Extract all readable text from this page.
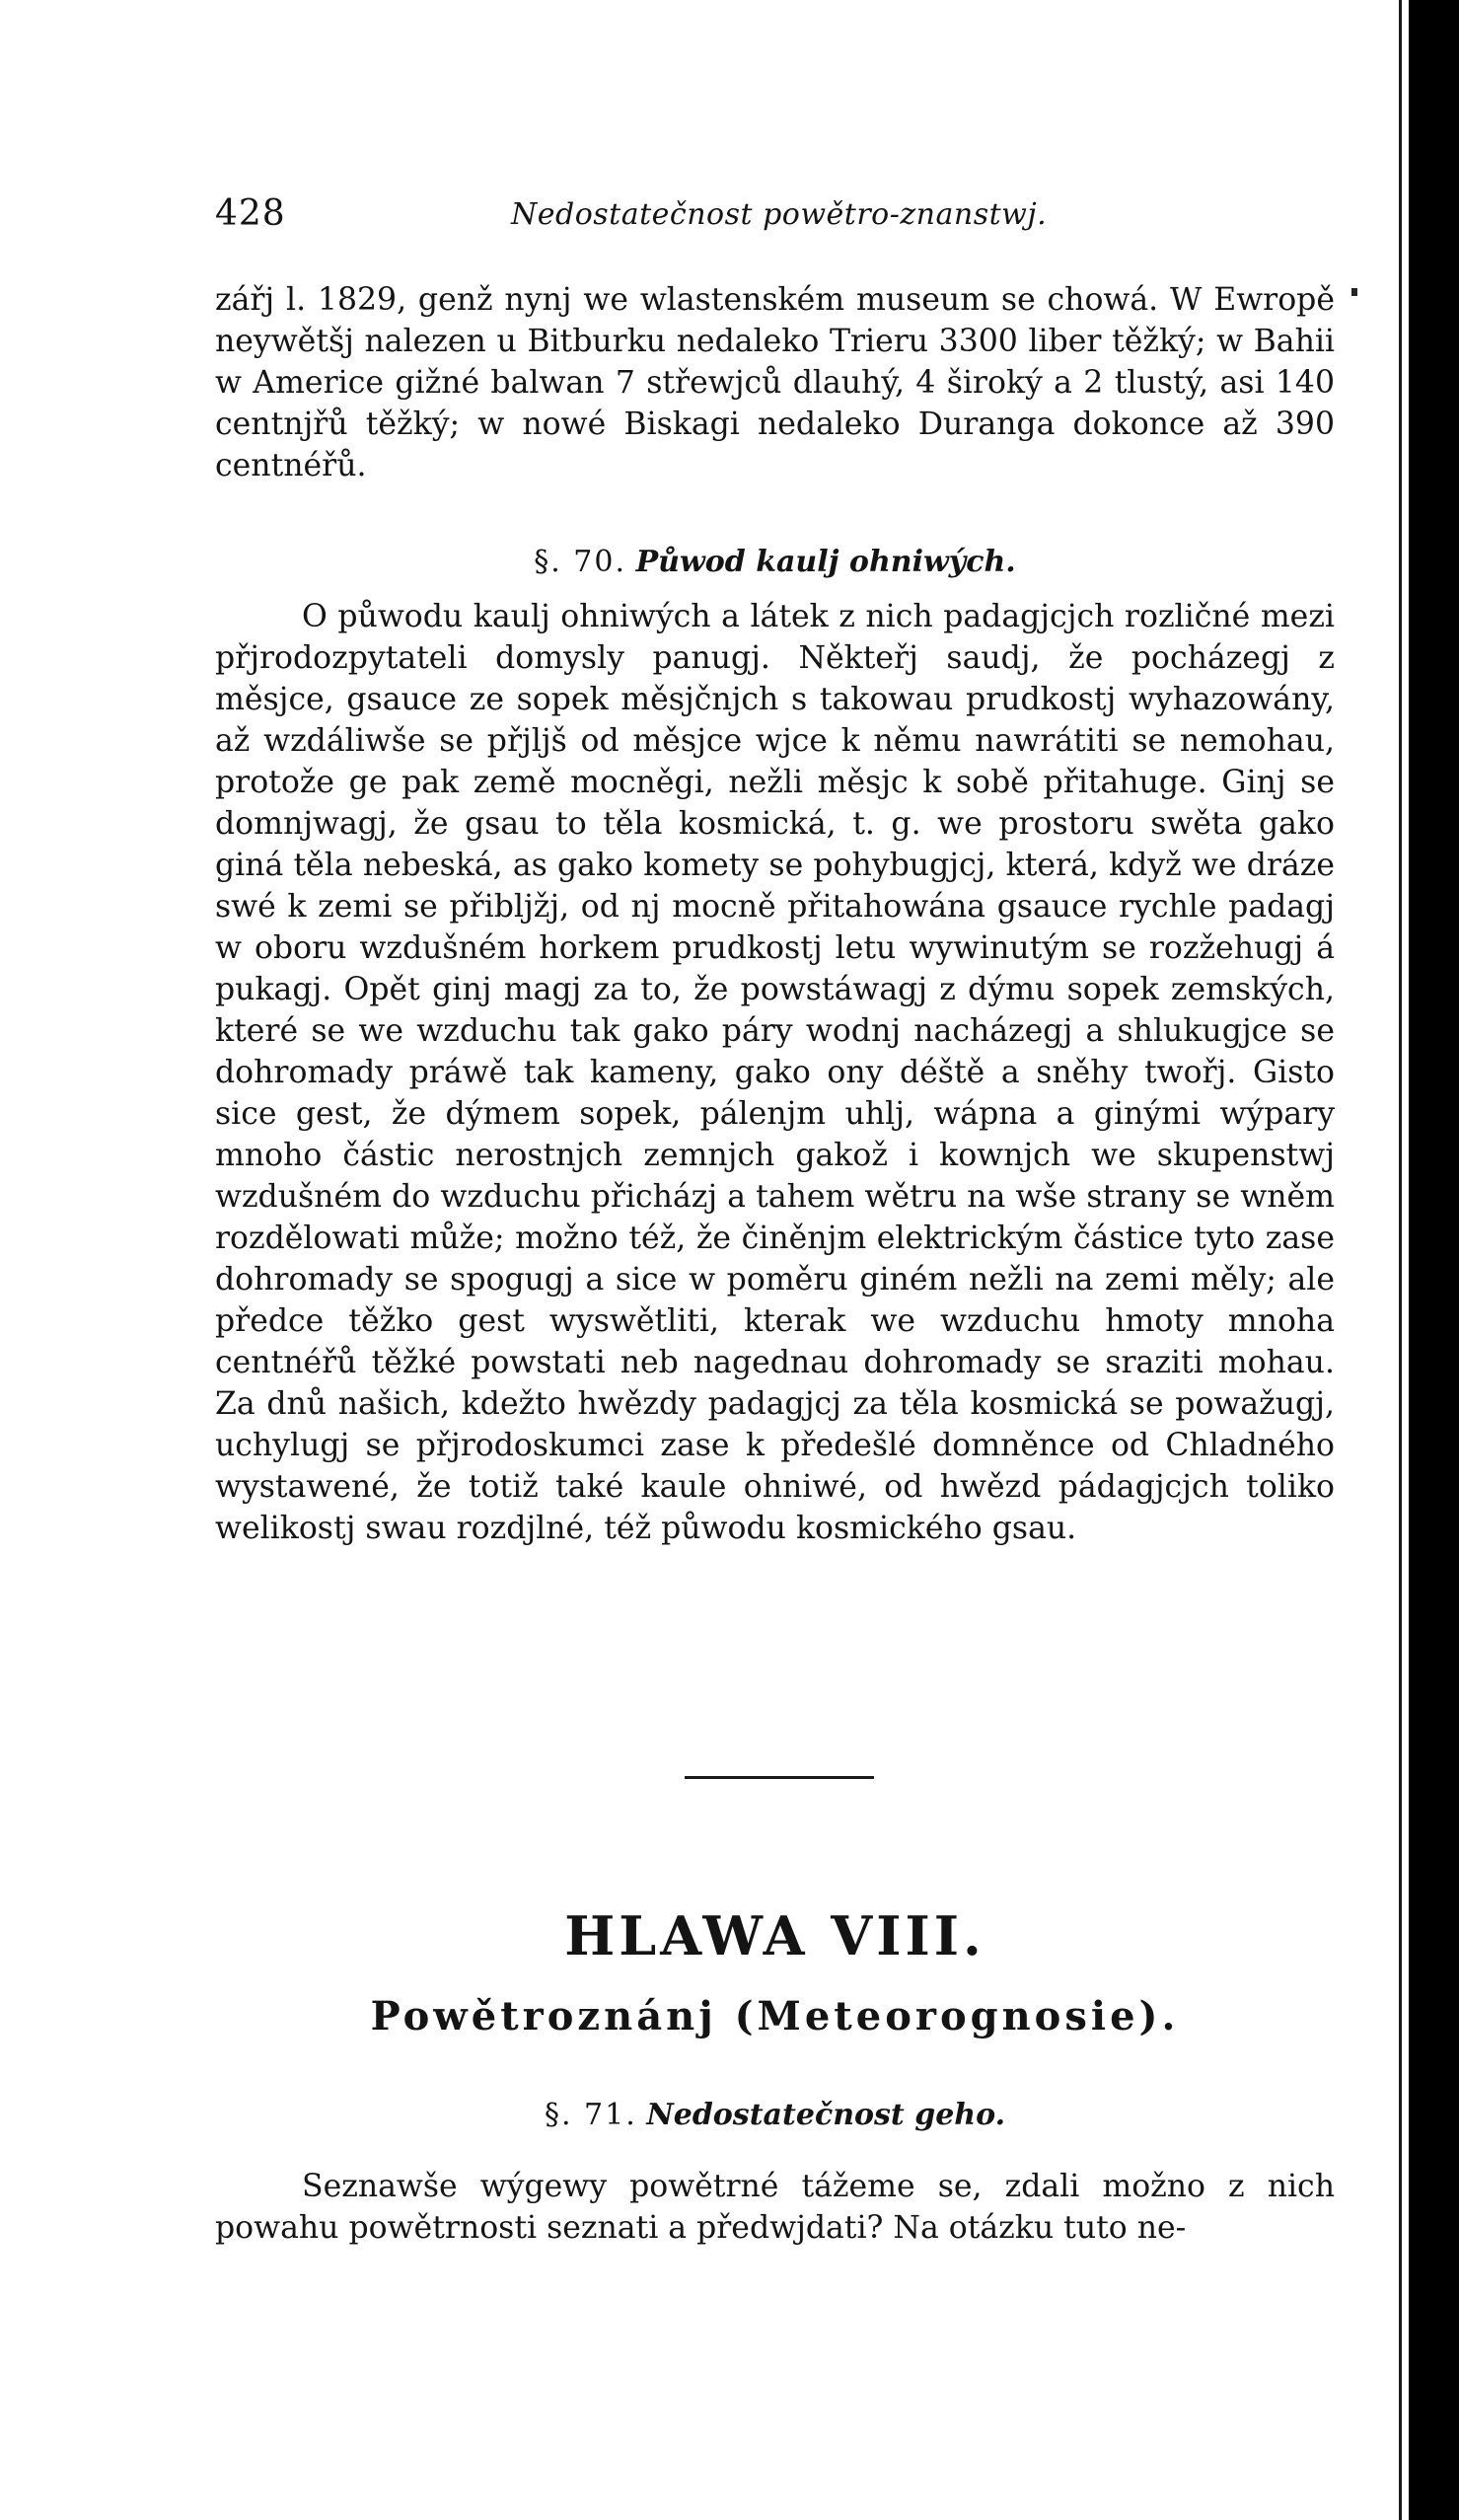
428	Nedostatečnost powětro-znanstwj.

zářj l. 1829, genž nynj we wlastenském museum se chowá. W Ewropě neywětšj nalezen u Bitburku nedaleko Trieru 3300 liber těžký; w Bahii w Americe gižné balwan 7 střewjců dlauhý, 4 široký a 2 tlustý, asi 140 centnjřů těžký; w nowé Biskagi nedaleko Duranga dokonce až 390 centnéřů.

§. 70. Půwod kaulj ohniwých.

O půwodu kaulj ohniwých a látek z nich padagjcjch rozličné mezi přjrodozpytateli domysly panugj. Někteřj saudj, že pocházegj z měsjce, gsauce ze sopek měsjčnjch s takowau prudkostj wyhazowány, až wzdáliwše se přjljš od měsjce wjce k němu nawrátiti se nemohau, protože ge pak země mocněgi, nežli měsjc k sobě přitahuge. Ginj se domnjwagj, že gsau to těla kosmická, t. g. we prostoru swěta gako giná těla nebeská, as gako komety se pohybugjcj, která, když we dráze swé k zemi se přibljžj, od nj mocně přitahowána gsauce rychle padagj w oboru wzdušném horkem prudkostj letu wywinutým se rozžehugj á pukagj. Opět ginj magj za to, že powstáwagj z dýmu sopek zemských, které se we wzduchu tak gako páry wodnj nacházegj a shlukugjce se dohromady práwě tak kameny, gako ony déště a sněhy twořj. Gisto sice gest, že dýmem sopek, pálenjm uhlj, wápna a ginými wýpary mnoho částic nerostnjch zemnjch gakož i kownjch we skupenstwj wzdušném do wzduchu přicházj a tahem wětru na wše strany se wněm rozdělowati může; možno též, že činěnjm elektrickým částice tyto zase dohromady se spogugj a sice w poměru giném nežli na zemi měly; ale předce těžko gest wyswětliti, kterak we wzduchu hmoty mnoha centnéřů těžké powstati neb nagednau dohromady se sraziti mohau. Za dnů našich, kdežto hwězdy padagjcj za těla kosmická se powažugj, uchylugj se přjrodoskumci zase k předešlé domněnce od Chladného wystawené, že totiž také kaule ohniwé, od hwězd pádagjcjch toliko welikostj swau rozdjlné, též půwodu kosmického gsau.

HLAWA VIII.
Powětroznánj (Meteorognosie).
§. 71. Nedostatečnost geho.

Seznawše wýgewy powětrné tážeme se, zdali možno z nich powahu powětrnosti seznati a předwjdati? Na otázku tuto ne-
